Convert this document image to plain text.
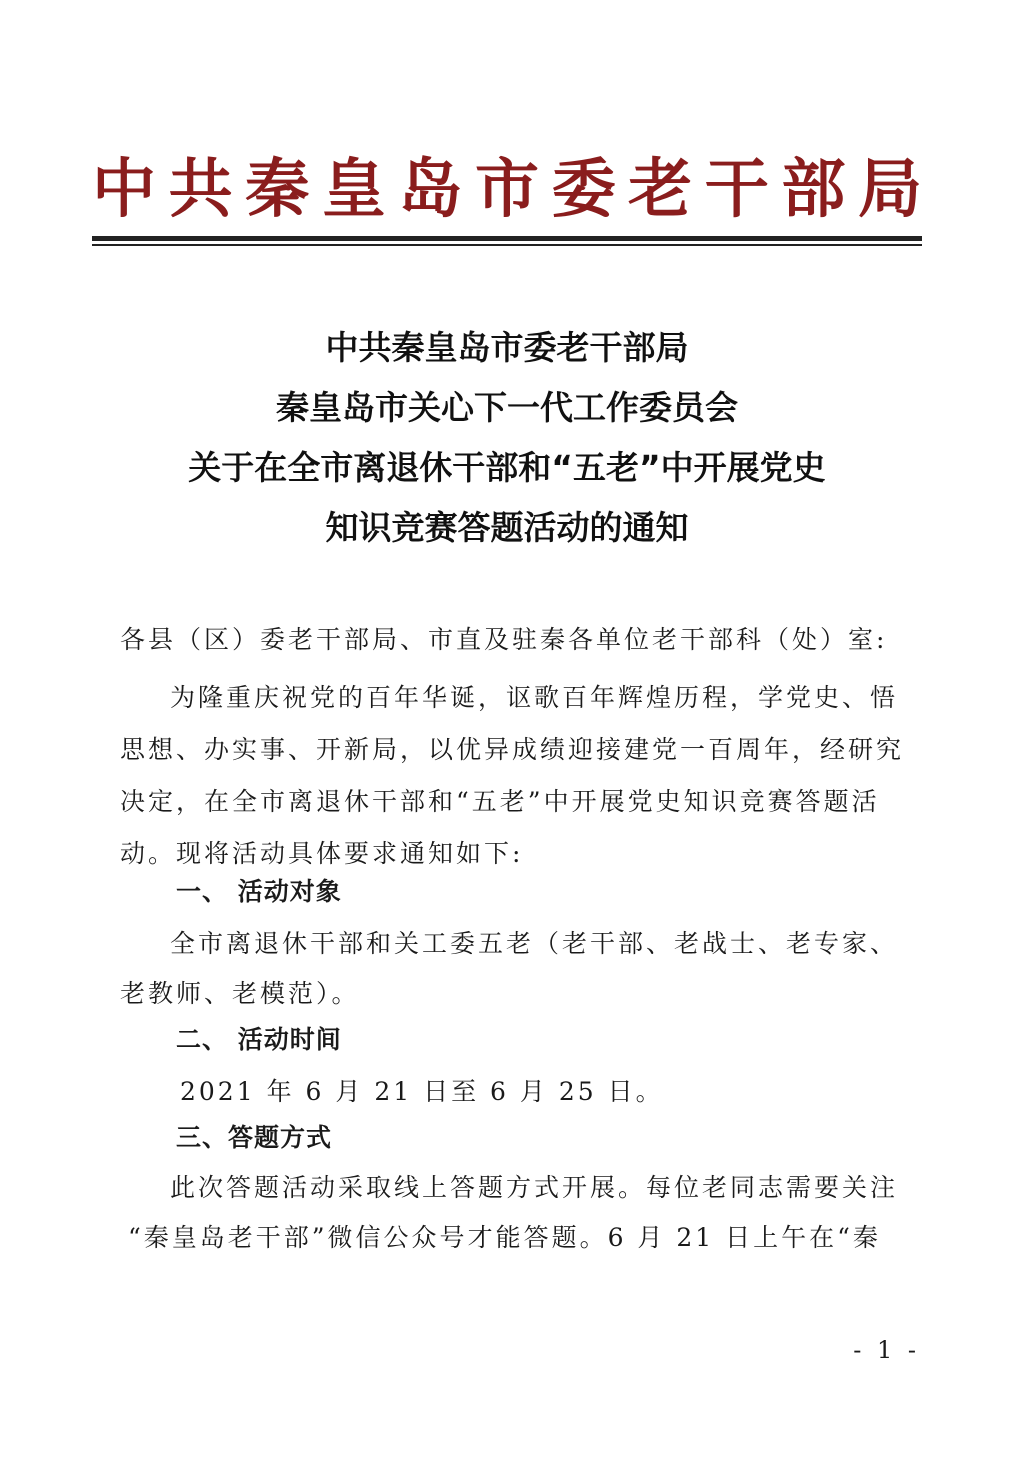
中 共 秦 皇 岛 市 委 老 干 部 局
中共秦皇岛市委老干部局
秦皇岛市关心下一代工作委员会
关于在全市离退休干部和“五老”中开展党史
知识竞赛答题活动的通知
各县（区）委老干部局、市直及驻秦各单位老干部科（处）室:
为隆重庆祝党的百年华诞，讴歌百年辉煌历程，学党史、悟
思想、办实事、开新局，以优异成绩迎接建党一百周年，经研究
决定，在全市离退休干部和“五老”中开展党史知识竞赛答题活
动。现将活动具体要求通知如下:
一、 活动对象
全市离退休干部和关工委五老（老干部、老战士、老专家、
老教师、老模范）。
二、 活动时间
2021 年 6 月 21 日至 6 月 25 日。
三、答题方式
此次答题活动采取线上答题方式开展。每位老同志需要关注
“秦皇岛老干部”微信公众号才能答题。6 月 21 日上午在“秦
- 1 -
